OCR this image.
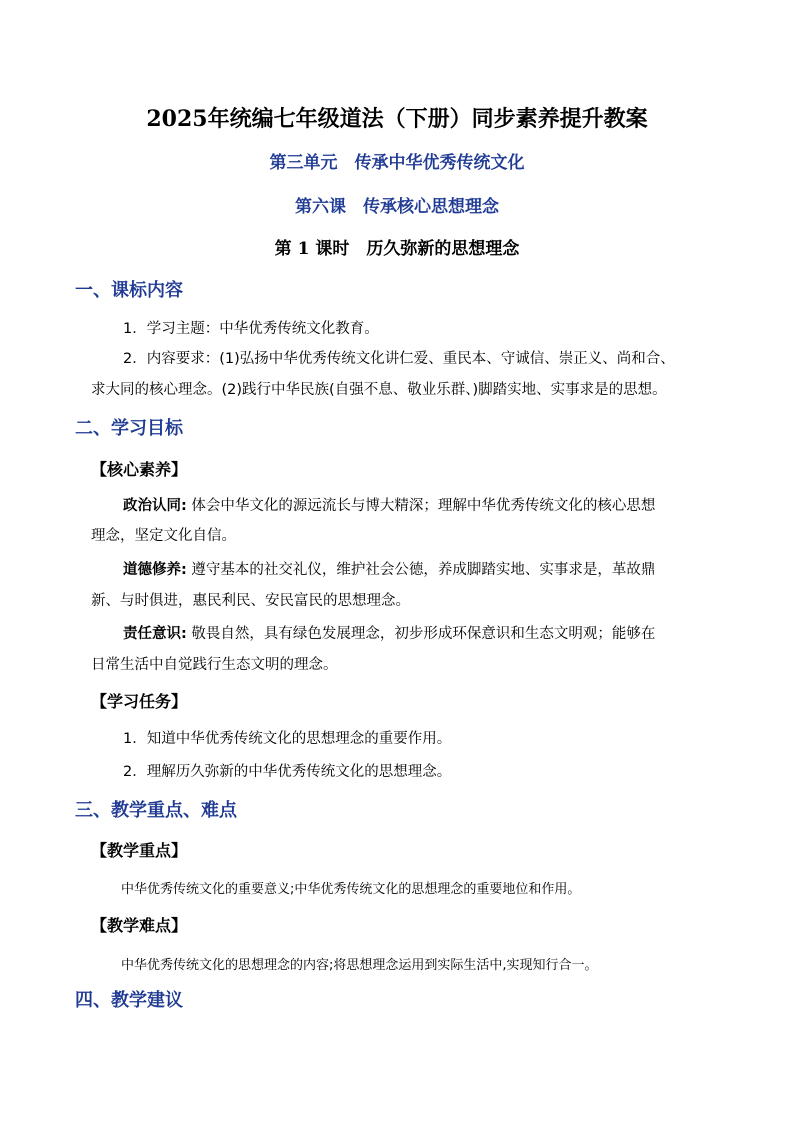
2025年统编七年级道法（下册）同步素养提升教案
第三单元　传承中华优秀传统文化
第六课　传承核心思想理念
第 1 课时　历久弥新的思想理念
一、课标内容
1．学习主题：中华优秀传统文化教育。
2．内容要求：(1)弘扬中华优秀传统文化讲仁爱、重民本、守诚信、崇正义、尚和合、
求大同的核心理念。(2)践行中华民族(自强不息、敬业乐群、)脚踏实地、实事求是的思想。
二、学习目标
【核心素养】
政治认同: 体会中华文化的源远流长与博大精深；理解中华优秀传统文化的核心思想
理念，坚定文化自信。
道德修养: 遵守基本的社交礼仪，维护社会公德，养成脚踏实地、实事求是，革故鼎
新、与时俱进，惠民利民、安民富民的思想理念。
责任意识: 敬畏自然，具有绿色发展理念，初步形成环保意识和生态文明观；能够在
日常生活中自觉践行生态文明的理念。
【学习任务】
1．知道中华优秀传统文化的思想理念的重要作用。
2．理解历久弥新的中华优秀传统文化的思想理念。
三、教学重点、难点
【教学重点】
中华优秀传统文化的重要意义;中华优秀传统文化的思想理念的重要地位和作用。
【教学难点】
中华优秀传统文化的思想理念的内容;将思想理念运用到实际生活中,实现知行合一。
四、教学建议
